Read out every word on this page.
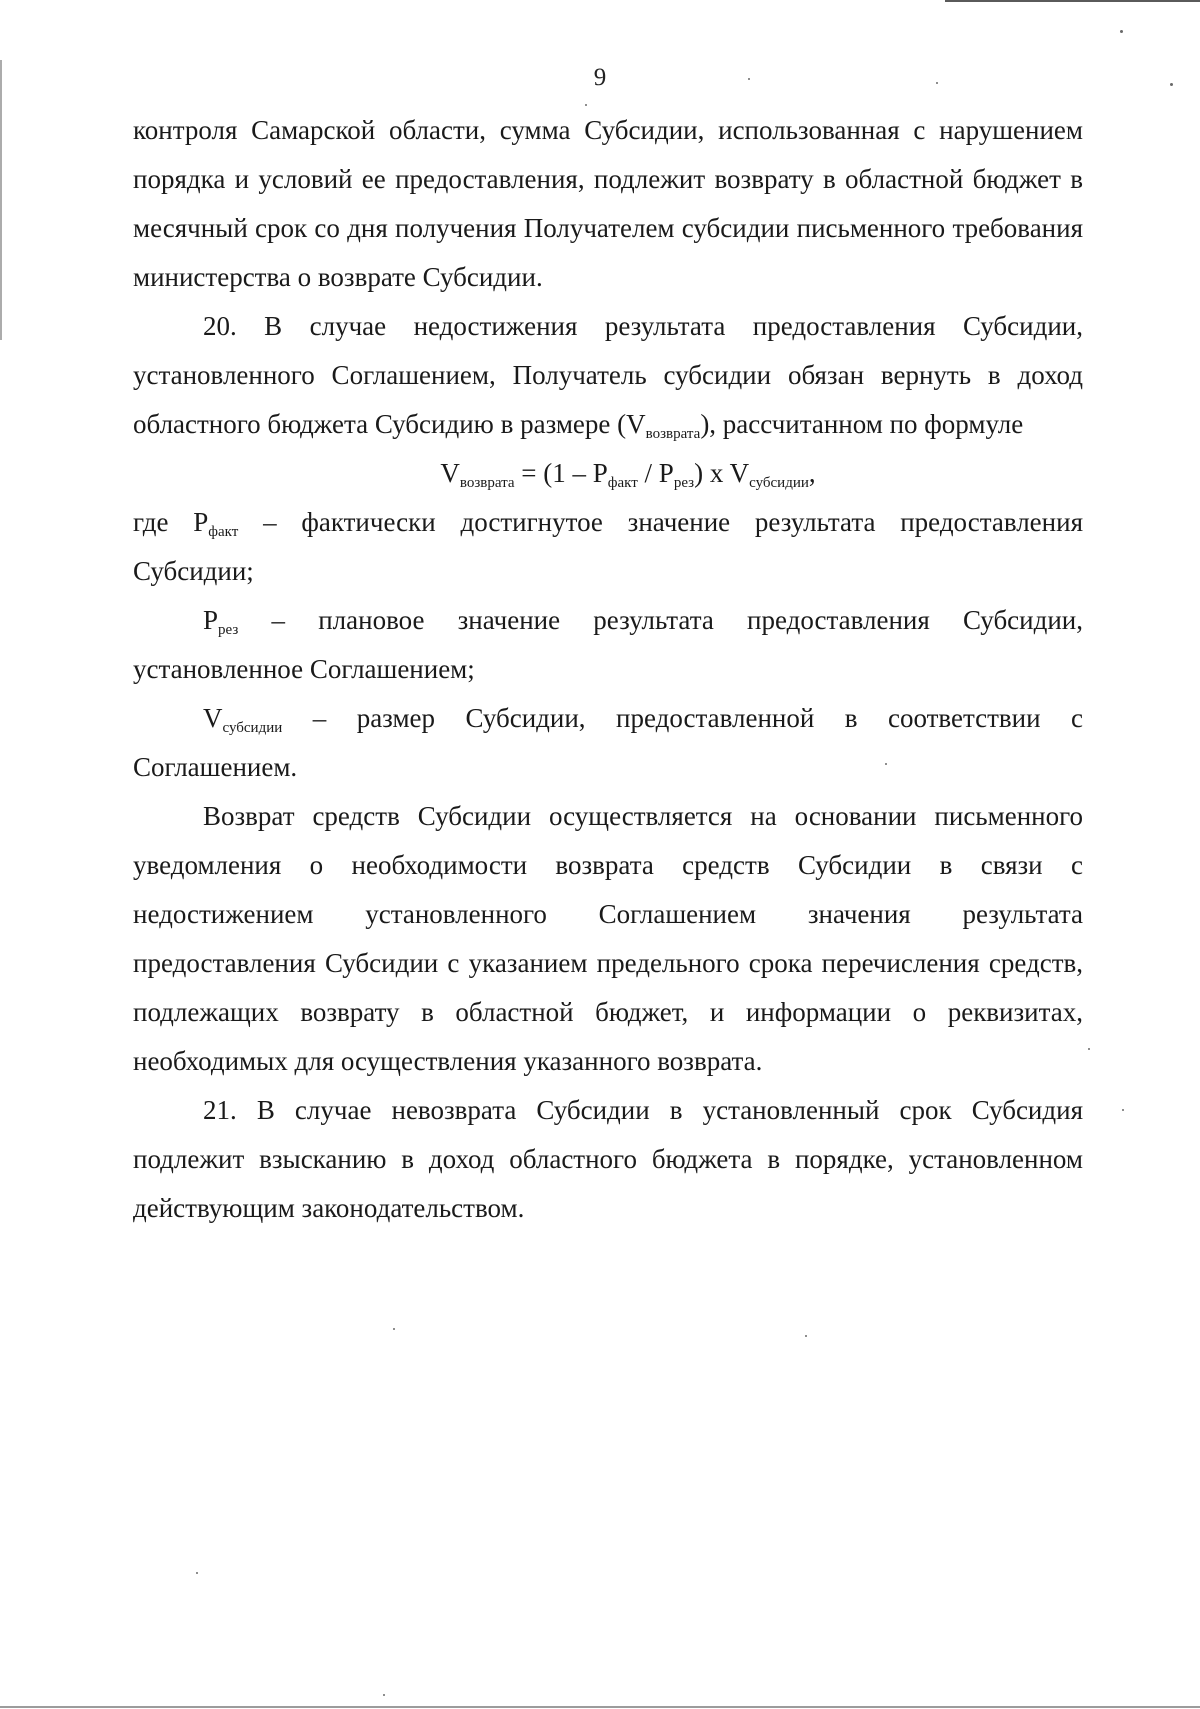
9

контроля Самарской области, сумма Субсидии, использованная с нарушением порядка и условий ее предоставления, подлежит возврату в областной бюджет в месячный срок со дня получения Получателем субсидии письменного требования министерства о возврате Субсидии.

20. В случае недостижения результата предоставления Субсидии, установленного Соглашением, Получатель субсидии обязан вернуть в доход областного бюджета Субсидию в размере $(V_{возврата})$, рассчитанном по формуле

$V_{возврата} = (1 - P_{факт} / P_{рез})$ x $V_{субсидии}$,

где $P_{факт}$ – фактически достигнутое значение результата предоставления Субсидии;

$P_{рез}$ – плановое значение результата предоставления Субсидии, установленное Соглашением;

$V_{субсидии}$ – размер Субсидии, предоставленной в соответствии с Соглашением.

Возврат средств Субсидии осуществляется на основании письменного уведомления о необходимости возврата средств Субсидии в связи с недостижением установленного Соглашением значения результата предоставления Субсидии с указанием предельного срока перечисления средств, подлежащих возврату в областной бюджет, и информации о реквизитах, необходимых для осуществления указанного возврата.

21. В случае невозврата Субсидии в установленный срок Субсидия подлежит взысканию в доход областного бюджета в порядке, установленном действующим законодательством.
